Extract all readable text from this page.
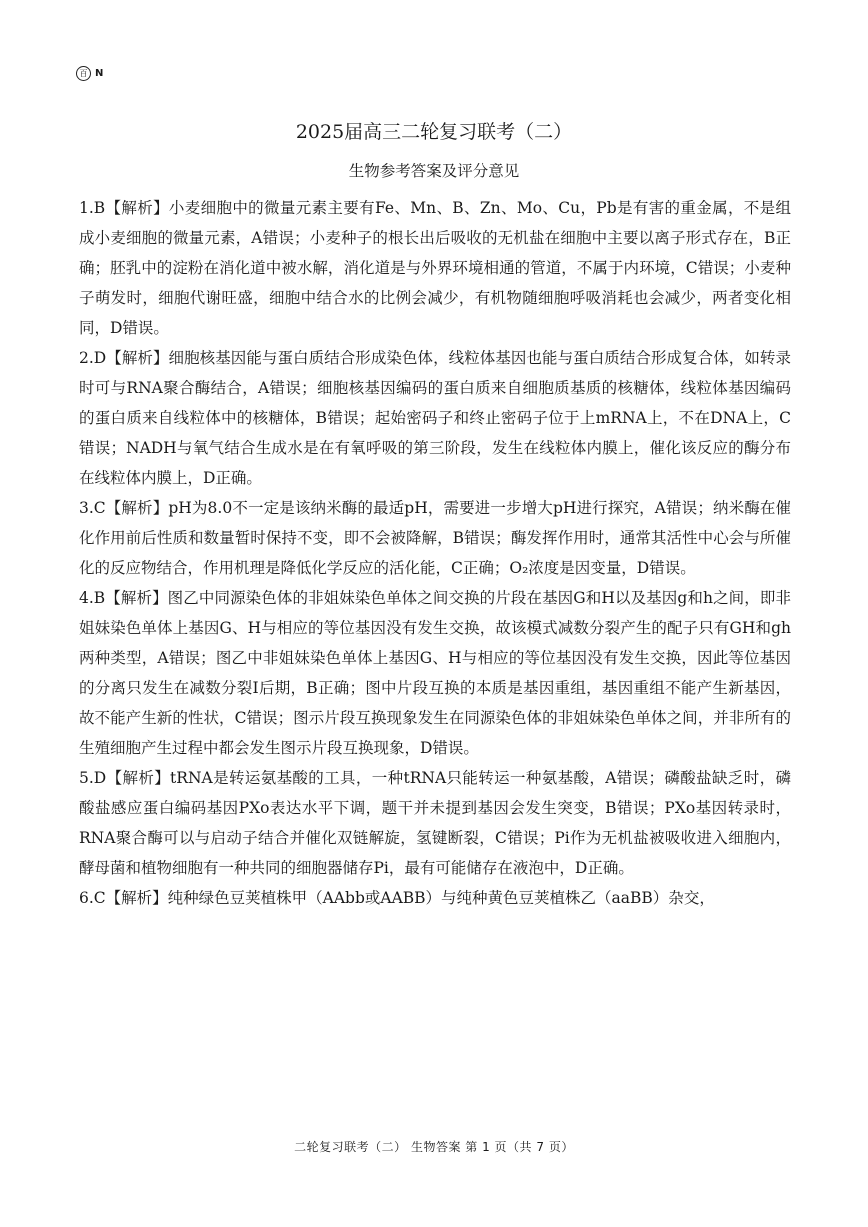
百 N
2025届高三二轮复习联考（二）
生物参考答案及评分意见

1.B【解析】小麦细胞中的微量元素主要有Fe、Mn、B、Zn、Mo、Cu，Pb是有害的重金属，不是组成小麦细胞的微量元素，A错误；小麦种子的根长出后吸收的无机盐在细胞中主要以离子形式存在，B正确；胚乳中的淀粉在消化道中被水解，消化道是与外界环境相通的管道，不属于内环境，C错误；小麦种子萌发时，细胞代谢旺盛，细胞中结合水的比例会减少，有机物随细胞呼吸消耗也会减少，两者变化相同，D错误。

2.D【解析】细胞核基因能与蛋白质结合形成染色体，线粒体基因也能与蛋白质结合形成复合体，如转录时可与RNA聚合酶结合，A错误；细胞核基因编码的蛋白质来自细胞质基质的核糖体，线粒体基因编码的蛋白质来自线粒体中的核糖体，B错误；起始密码子和终止密码子位于上mRNA上，不在DNA上，C错误；NADH与氧气结合生成水是在有氧呼吸的第三阶段，发生在线粒体内膜上，催化该反应的酶分布在线粒体内膜上，D正确。

3.C【解析】pH为8.0不一定是该纳米酶的最适pH，需要进一步增大pH进行探究，A错误；纳米酶在催化作用前后性质和数量暂时保持不变，即不会被降解，B错误；酶发挥作用时，通常其活性中心会与所催化的反应物结合，作用机理是降低化学反应的活化能，C正确；O₂浓度是因变量，D错误。

4.B【解析】图乙中同源染色体的非姐妹染色单体之间交换的片段在基因G和H以及基因g和h之间，即非姐妹染色单体上基因G、H与相应的等位基因没有发生交换，故该模式减数分裂产生的配子只有GH和gh两种类型，A错误；图乙中非姐妹染色单体上基因G、H与相应的等位基因没有发生交换，因此等位基因的分离只发生在减数分裂Ⅰ后期，B正确；图中片段互换的本质是基因重组，基因重组不能产生新基因，故不能产生新的性状，C错误；图示片段互换现象发生在同源染色体的非姐妹染色单体之间，并非所有的生殖细胞产生过程中都会发生图示片段互换现象，D错误。

5.D【解析】tRNA是转运氨基酸的工具，一种tRNA只能转运一种氨基酸，A错误；磷酸盐缺乏时，磷酸盐感应蛋白编码基因PXo表达水平下调，题干并未提到基因会发生突变，B错误；PXo基因转录时，RNA聚合酶可以与启动子结合并催化双链解旋，氢键断裂，C错误；Pi作为无机盐被吸收进入细胞内，酵母菌和植物细胞有一种共同的细胞器储存Pi，最有可能储存在液泡中，D正确。

6.C【解析】纯种绿色豆荚植株甲（AAbb或AABB）与纯种黄色豆荚植株乙（aaBB）杂交，

二轮复习联考（二） 生物答案 第 1 页（共 7 页）
